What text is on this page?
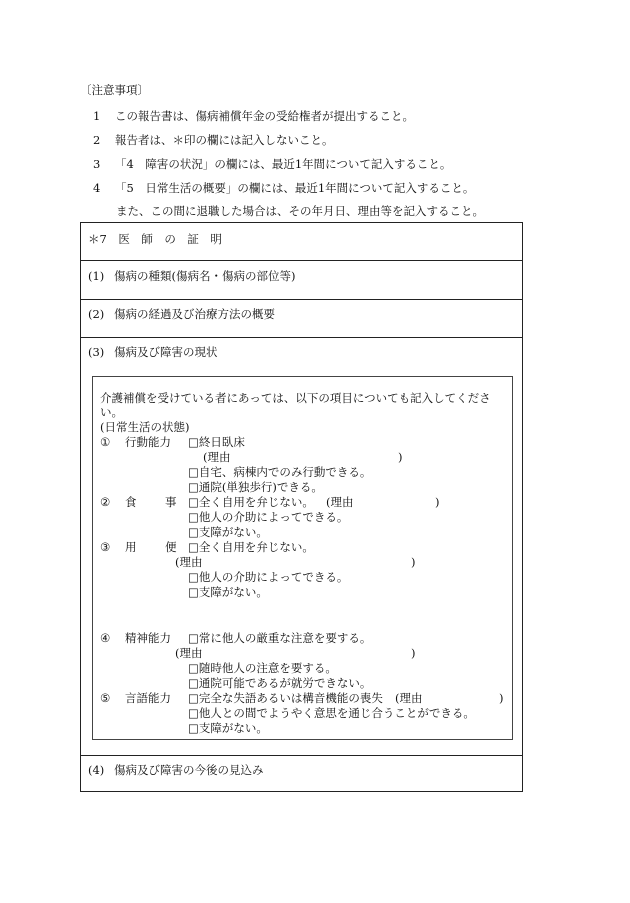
〔注意事項〕
1 この報告書は、傷病補償年金の受給権者が提出すること。
2 報告者は、＊印の欄には記入しないこと。
3 「4　障害の状況」の欄には、最近1年間について記入すること。
4 「5　日常生活の概要」の欄には、最近1年間について記入すること。
また、この間に退職した場合は、その年月日、理由等を記入すること。
＊7　医　師　の　証　明
(1) 傷病の種類(傷病名・傷病の部位等)
(2) 傷病の経過及び治療方法の概要
(3) 傷病及び障害の現状
介護補償を受けている者にあっては、以下の項目についても記入してくださ
い。
(日常生活の状態)
① 行動能力 □終日臥床
(理由	)
□自宅、病棟内でのみ行動できる。
□通院(単独歩行)できる。
② 食 事 □全く自用を弁じない。 (理由	)
□他人の介助によってできる。
□支障がない。
③ 用 便 □全く自用を弁じない。
(理由	)
□他人の介助によってできる。
□支障がない。
④ 精神能力 □常に他人の厳重な注意を要する。
(理由	)
□随時他人の注意を要する。
□通院可能であるが就労できない。
⑤ 言語能力 □完全な失語あるいは構音機能の喪失 (理由	)
□他人との間でようやく意思を通じ合うことができる。
□支障がない。
(4) 傷病及び障害の今後の見込み
